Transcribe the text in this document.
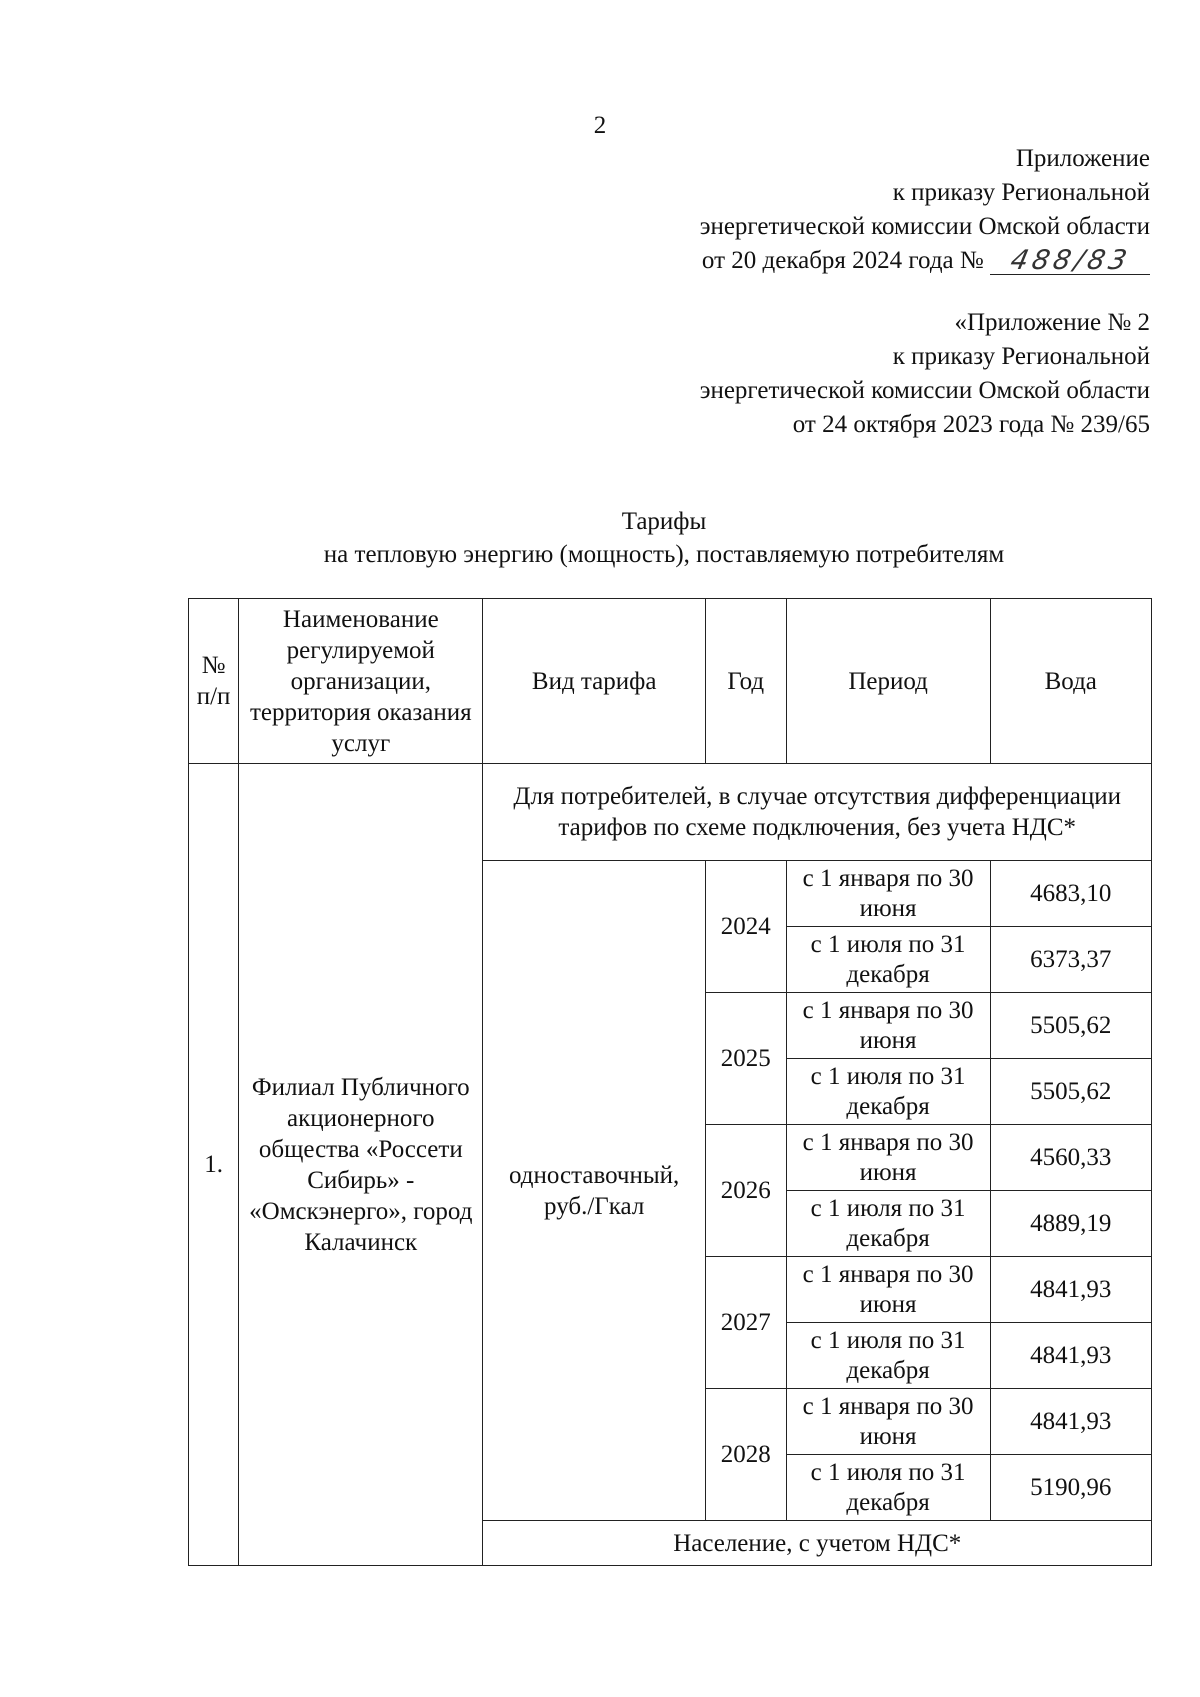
2
Приложение
к приказу Региональной
энергетической комиссии Омской области
от 20 декабря 2024 года № 488/83
«Приложение № 2
к приказу Региональной
энергетической комиссии Омской области
от 24 октября 2023 года № 239/65
Тарифы
на тепловую энергию (мощность), поставляемую потребителям
№ п/п	Наименование регулируемой организации, территория оказания услуг	Вид тарифа	Год	Период	Вода
1.	Филиал Публичного акционерного общества «Россети Сибирь» - «Омскэнерго», город Калачинск	Для потребителей, в случае отсутствия дифференциации тарифов по схеме подключения, без учета НДС*			
		одноставочный, руб./Гкал	2024	с 1 января по 30 июня	4683,10
				с 1 июля по 31 декабря	6373,37
			2025	с 1 января по 30 июня	5505,62
				с 1 июля по 31 декабря	5505,62
			2026	с 1 января по 30 июня	4560,33
				с 1 июля по 31 декабря	4889,19
			2027	с 1 января по 30 июня	4841,93
				с 1 июля по 31 декабря	4841,93
			2028	с 1 января по 30 июня	4841,93
				с 1 июля по 31 декабря	5190,96
		Население, с учетом НДС*			
